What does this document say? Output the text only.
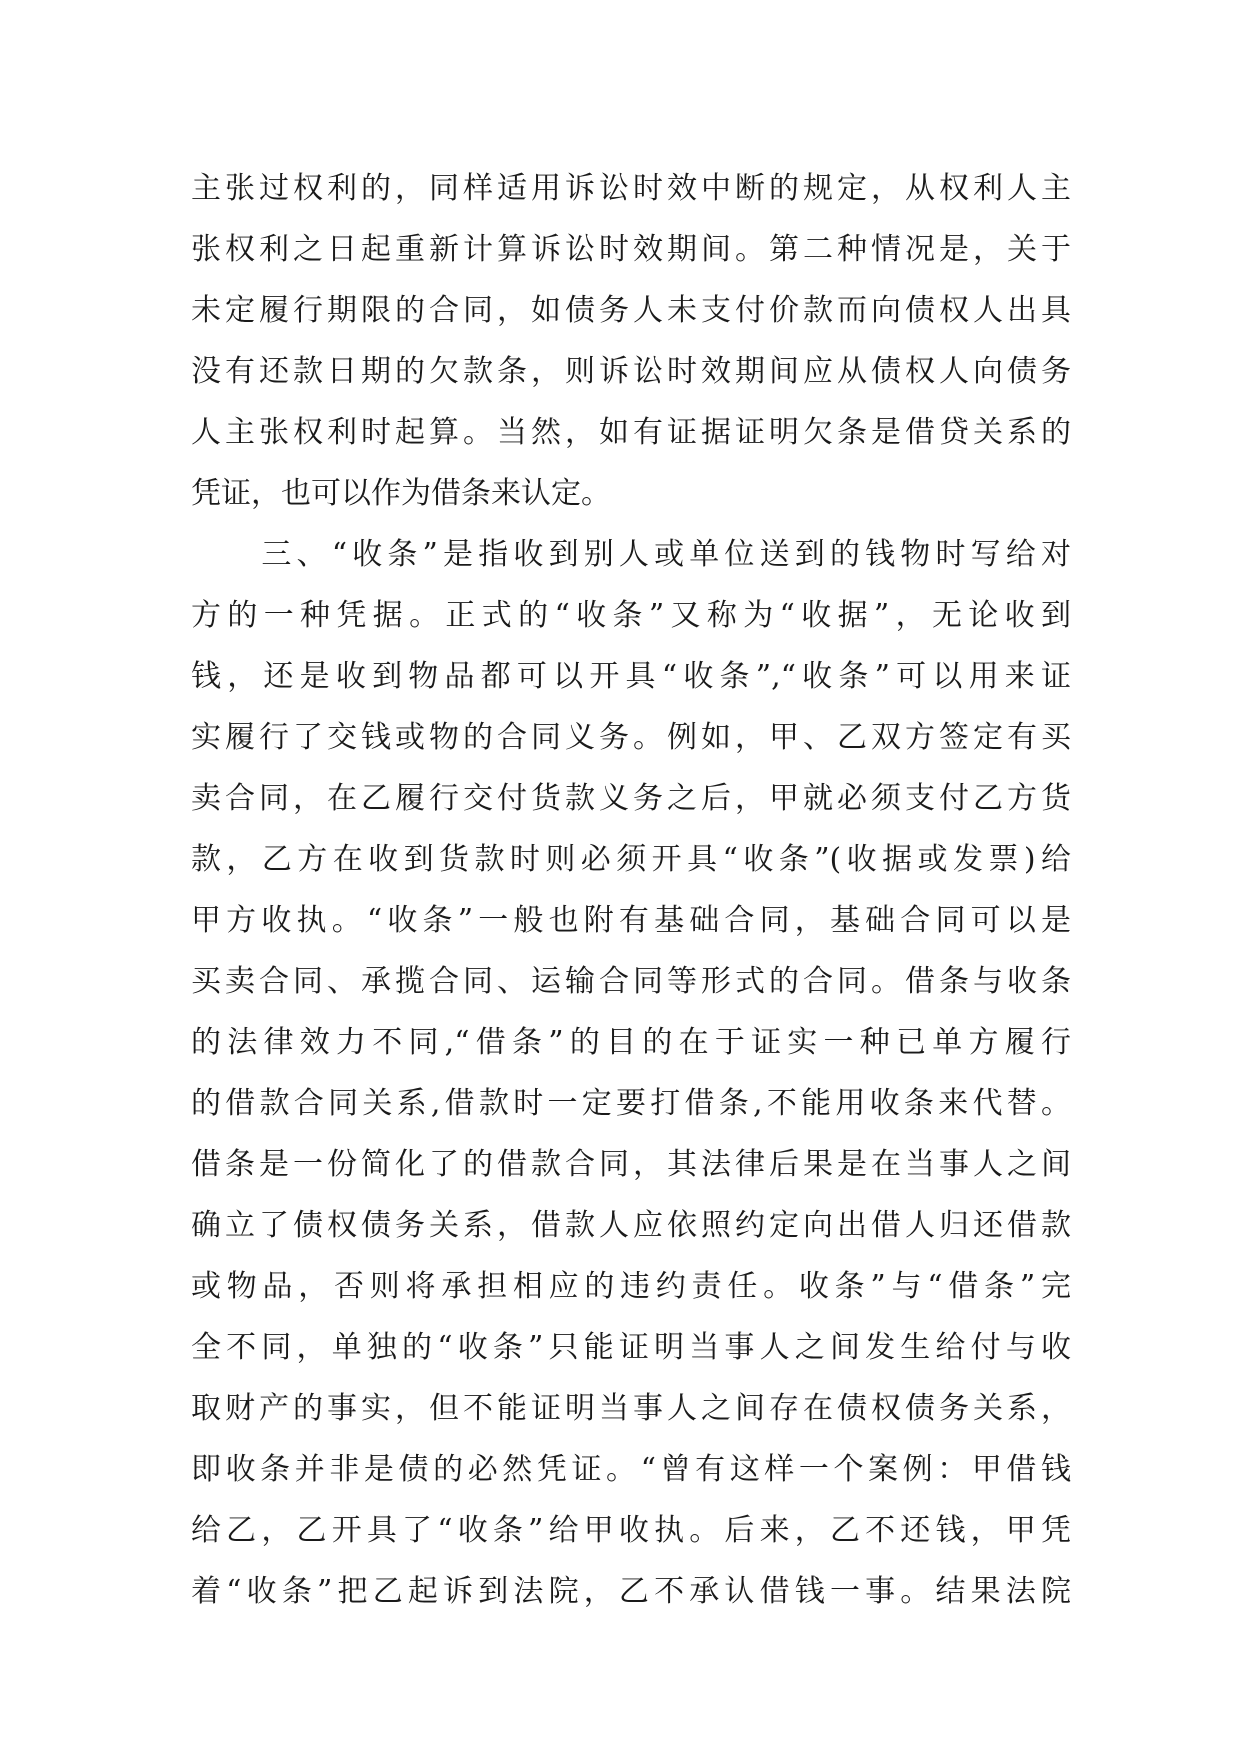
主张过权利的，同样适用诉讼时效中断的规定，从权利人主
张权利之日起重新计算诉讼时效期间。第二种情况是，关于
未定履行期限的合同，如债务人未支付价款而向债权人出具
没有还款日期的欠款条，则诉讼时效期间应从债权人向债务
人主张权利时起算。当然，如有证据证明欠条是借贷关系的
凭证，也可以作为借条来认定。
　　三、“收条”是指收到别人或单位送到的钱物时写给对
方的一种凭据。正式的“收条”又称为“收据”，无论收到
钱，还是收到物品都可以开具“收条”,“收条”可以用来证
实履行了交钱或物的合同义务。例如，甲、乙双方签定有买
卖合同，在乙履行交付货款义务之后，甲就必须支付乙方货
款，乙方在收到货款时则必须开具“收条”(收据或发票)给
甲方收执。“收条”一般也附有基础合同，基础合同可以是
买卖合同、承揽合同、运输合同等形式的合同。借条与收条
的法律效力不同,“借条”的目的在于证实一种已单方履行
的借款合同关系,借款时一定要打借条,不能用收条来代替。
借条是一份简化了的借款合同，其法律后果是在当事人之间
确立了债权债务关系，借款人应依照约定向出借人归还借款
或物品，否则将承担相应的违约责任。收条”与“借条”完
全不同，单独的“收条”只能证明当事人之间发生给付与收
取财产的事实，但不能证明当事人之间存在债权债务关系，
即收条并非是债的必然凭证。“曾有这样一个案例：甲借钱
给乙，乙开具了“收条”给甲收执。后来，乙不还钱，甲凭
着“收条”把乙起诉到法院，乙不承认借钱一事。结果法院
